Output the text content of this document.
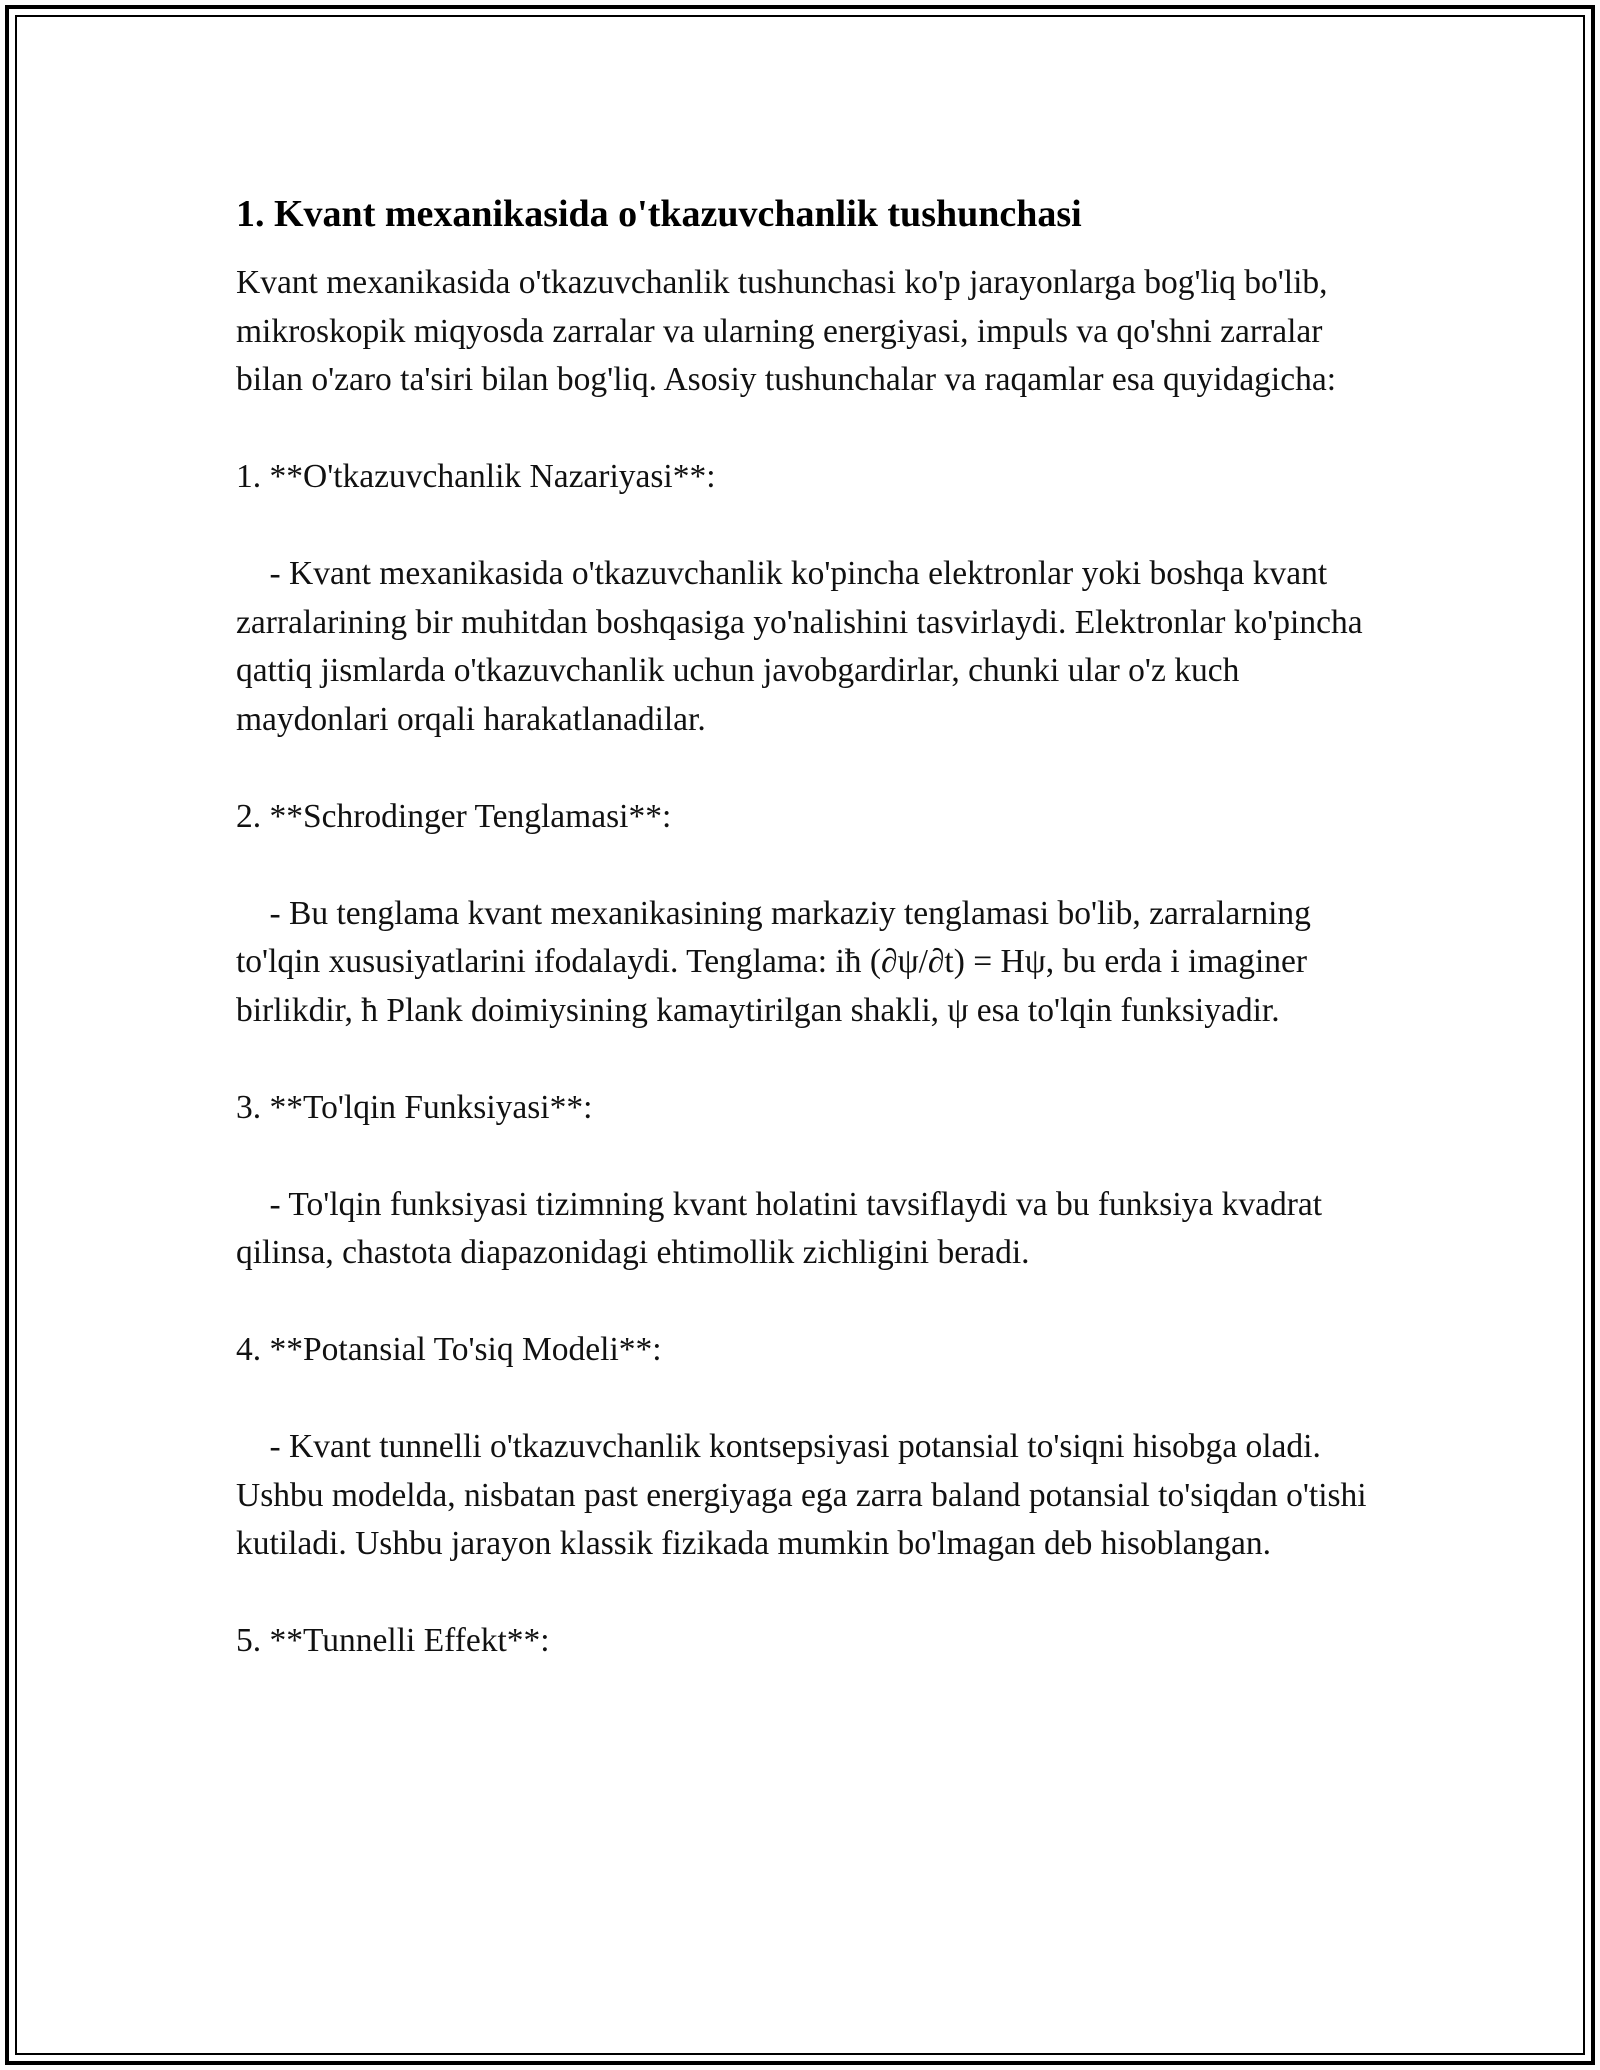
1. Kvant mexanikasida o'tkazuvchanlik tushunchasi

Kvant mexanikasida o'tkazuvchanlik tushunchasi ko'p jarayonlarga bog'liq bo'lib, mikroskopik miqyosda zarralar va ularning energiyasi, impuls va qo'shni zarralar bilan o'zaro ta'siri bilan bog'liq. Asosiy tushunchalar va raqamlar esa quyidagicha:

1. **O'tkazuvchanlik Nazariyasi**:

- Kvant mexanikasida o'tkazuvchanlik ko'pincha elektronlar yoki boshqa kvant zarralarining bir muhitdan boshqasiga yo'nalishini tasvirlaydi. Elektronlar ko'pincha qattiq jismlarda o'tkazuvchanlik uchun javobgardirlar, chunki ular o'z kuch maydonlari orqali harakatlanadilar.

2. **Schrodinger Tenglamasi**:

- Bu tenglama kvant mexanikasining markaziy tenglamasi bo'lib, zarralarning to'lqin xususiyatlarini ifodalaydi. Tenglama: iħ (∂ψ/∂t) = Hψ, bu erda i imaginer birlikdir, ħ Plank doimiysining kamaytirilgan shakli, ψ esa to'lqin funksiyadir.

3. **To'lqin Funksiyasi**:

- To'lqin funksiyasi tizimning kvant holatini tavsiflaydi va bu funksiya kvadrat qilinsa, chastota diapazonidagi ehtimollik zichligini beradi.

4. **Potansial To'siq Modeli**:

- Kvant tunnelli o'tkazuvchanlik kontsepsiyasi potansial to'siqni hisobga oladi. Ushbu modelda, nisbatan past energiyaga ega zarra baland potansial to'siqdan o'tishi kutiladi. Ushbu jarayon klassik fizikada mumkin bo'lmagan deb hisoblangan.

5. **Tunnelli Effekt**:
